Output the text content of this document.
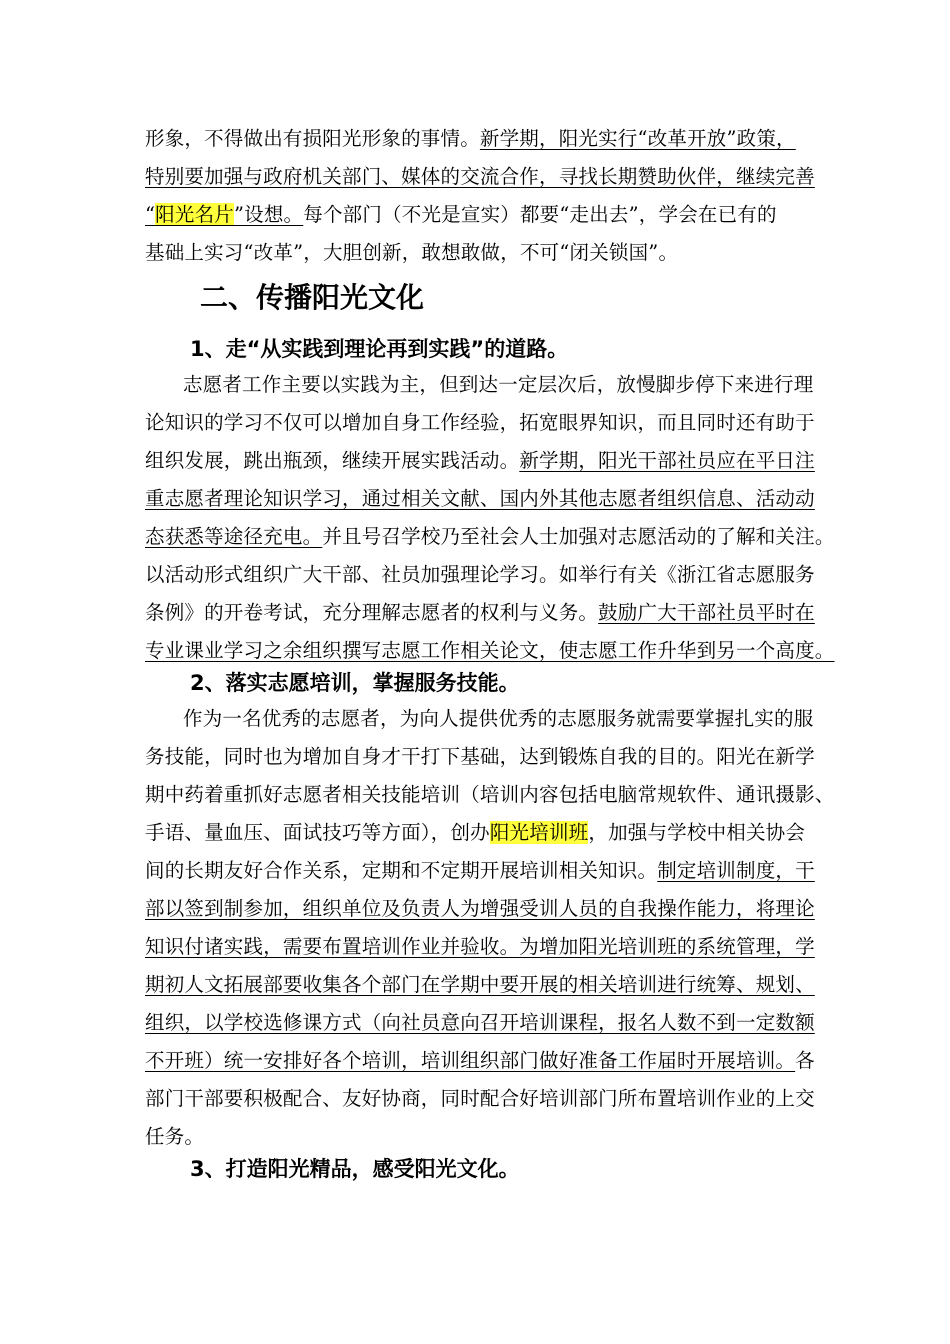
形象，不得做出有损阳光形象的事情。新学期，阳光实行“改革开放”政策，
特别要加强与政府机关部门、媒体的交流合作，寻找长期赞助伙伴，继续完善
“阳光名片”设想。每个部门（不光是宣实）都要“走出去”，学会在已有的
基础上实习“改革”，大胆创新，敢想敢做，不可“闭关锁国”。
二、传播阳光文化
1、走“从实践到理论再到实践”的道路。
志愿者工作主要以实践为主，但到达一定层次后，放慢脚步停下来进行理
论知识的学习不仅可以增加自身工作经验，拓宽眼界知识，而且同时还有助于
组织发展，跳出瓶颈，继续开展实践活动。新学期，阳光干部社员应在平日注
重志愿者理论知识学习，通过相关文献、国内外其他志愿者组织信息、活动动
态获悉等途径充电。并且号召学校乃至社会人士加强对志愿活动的了解和关注。
以活动形式组织广大干部、社员加强理论学习。如举行有关《浙江省志愿服务
条例》的开卷考试，充分理解志愿者的权利与义务。鼓励广大干部社员平时在
专业课业学习之余组织撰写志愿工作相关论文，使志愿工作升华到另一个高度。
2、落实志愿培训，掌握服务技能。
作为一名优秀的志愿者，为向人提供优秀的志愿服务就需要掌握扎实的服
务技能，同时也为增加自身才干打下基础，达到锻炼自我的目的。阳光在新学
期中药着重抓好志愿者相关技能培训（培训内容包括电脑常规软件、通讯摄影、
手语、量血压、面试技巧等方面），创办阳光培训班，加强与学校中相关协会
间的长期友好合作关系，定期和不定期开展培训相关知识。制定培训制度，干
部以签到制参加，组织单位及负责人为增强受训人员的自我操作能力，将理论
知识付诸实践，需要布置培训作业并验收。为增加阳光培训班的系统管理，学
期初人文拓展部要收集各个部门在学期中要开展的相关培训进行统筹、规划、
组织，以学校选修课方式（向社员意向召开培训课程，报名人数不到一定数额
不开班）统一安排好各个培训，培训组织部门做好准备工作届时开展培训。各
部门干部要积极配合、友好协商，同时配合好培训部门所布置培训作业的上交
任务。
3、打造阳光精品，感受阳光文化。
